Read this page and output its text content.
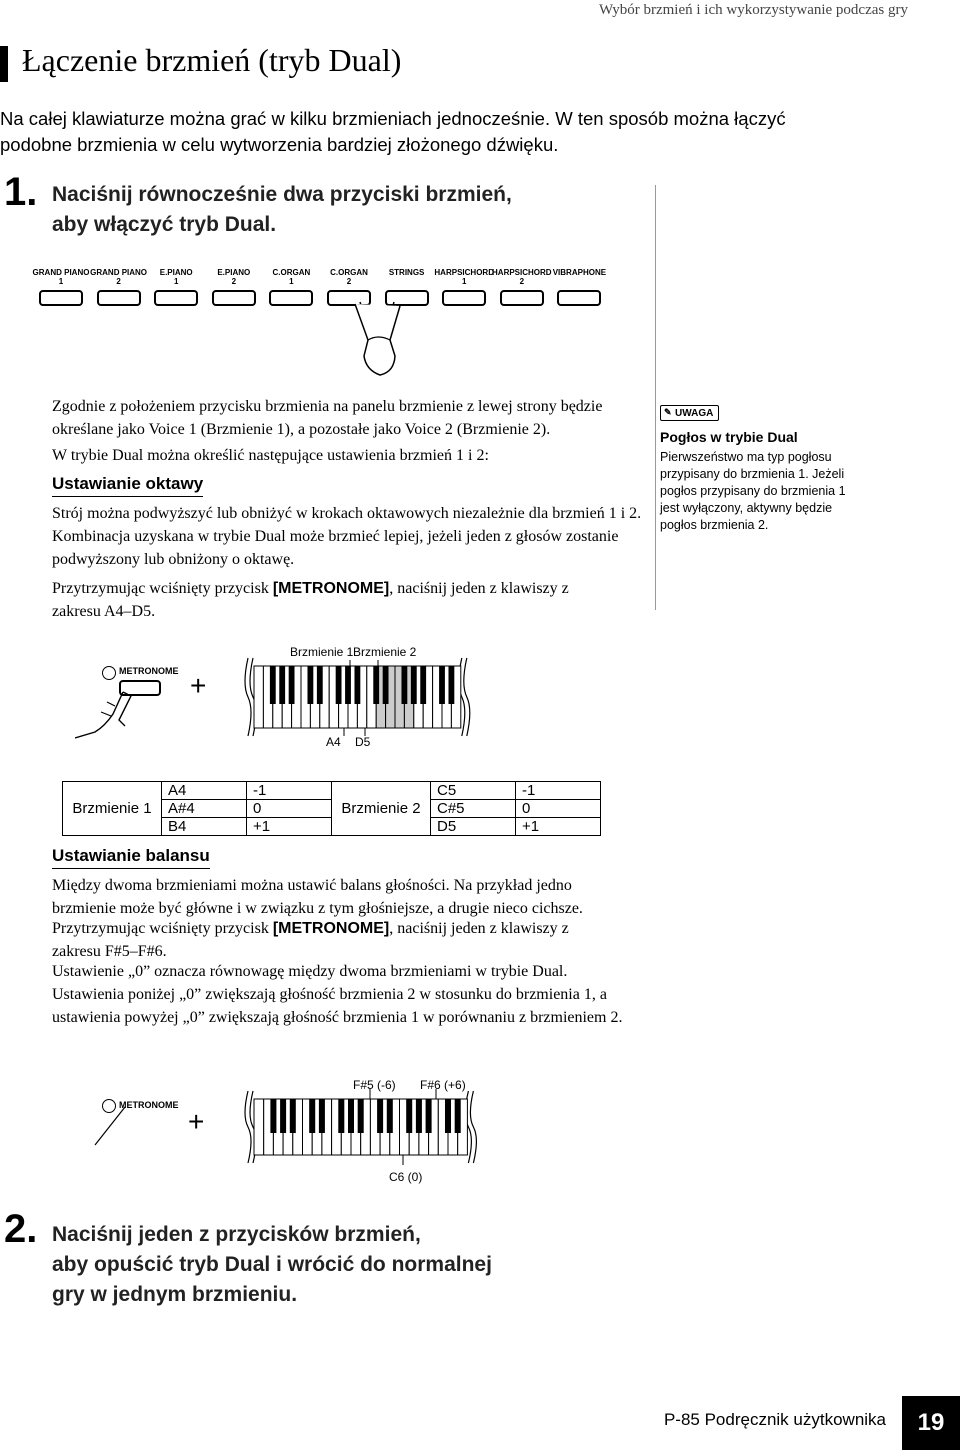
Wybór brzmień i ich wykorzystywanie podczas gry
Łączenie brzmień (tryb Dual)
Na całej klawiaturze można grać w kilku brzmieniach jednocześnie. W ten sposób można łączyć podobne brzmienia w celu wytworzenia bardziej złożonego dźwięku.
1. Naciśnij równocześnie dwa przyciski brzmień,
aby włączyć tryb Dual.
GRAND PIANO
1
GRAND PIANO
2
E.PIANO
1
E.PIANO
2
C.ORGAN
1
C.ORGAN
2
STRINGS	HARPSICHORD
1
HARPSICHORD
2
VIBRAPHONE
Zgodnie z położeniem przycisku brzmienia na panelu brzmienie z lewej strony będzie określane jako Voice 1 (Brzmienie 1), a pozostałe jako Voice 2 (Brzmienie 2).
W trybie Dual można określić następujące ustawienia brzmień 1 i 2:
Ustawianie oktawy
Strój można podwyższyć lub obniżyć w krokach oktawowych niezależnie dla brzmień 1 i 2. Kombinacja uzyskana w trybie Dual może brzmieć lepiej, jeżeli jeden z głosów zostanie podwyższony lub obniżony o oktawę.
Przytrzymując wciśnięty przycisk [METRONOME], naciśnij jeden z klawiszy z zakresu A4–D5.
✎ UWAGA
Pogłos w trybie Dual
Pierwszeństwo ma typ pogłosu przypisany do brzmienia 1. Jeżeli pogłos przypisany do brzmienia 1 jest wyłączony, aktywny będzie pogłos brzmienia 2.
METRONOME +
Brzmienie 1 Brzmienie 2
A4 D5
Brzmienie 1	A4	-1	Brzmienie 2	C5	-1
	A#4	0		C#5	0
	B4	+1		D5	+1
Ustawianie balansu
Między dwoma brzmieniami można ustawić balans głośności. Na przykład jedno brzmienie może być główne i w związku z tym głośniejsze, a drugie nieco cichsze.
Przytrzymując wciśnięty przycisk [METRONOME], naciśnij jeden z klawiszy z zakresu F#5–F#6.
Ustawienie „0” oznacza równowagę między dwoma brzmieniami w trybie Dual. Ustawienia poniżej „0” zwiększają głośność brzmienia 2 w stosunku do brzmienia 1, a ustawienia powyżej „0” zwiększają głośność brzmienia 1 w porównaniu z brzmieniem 2.
METRONOME
+
F#5 (-6) F#6 (+6)
C6 (0)
2. Naciśnij jeden z przycisków brzmień,
aby opuścić tryb Dual i wrócić do normalnej
gry w jednym brzmieniu.
P-85 Podręcznik użytkownika	19
